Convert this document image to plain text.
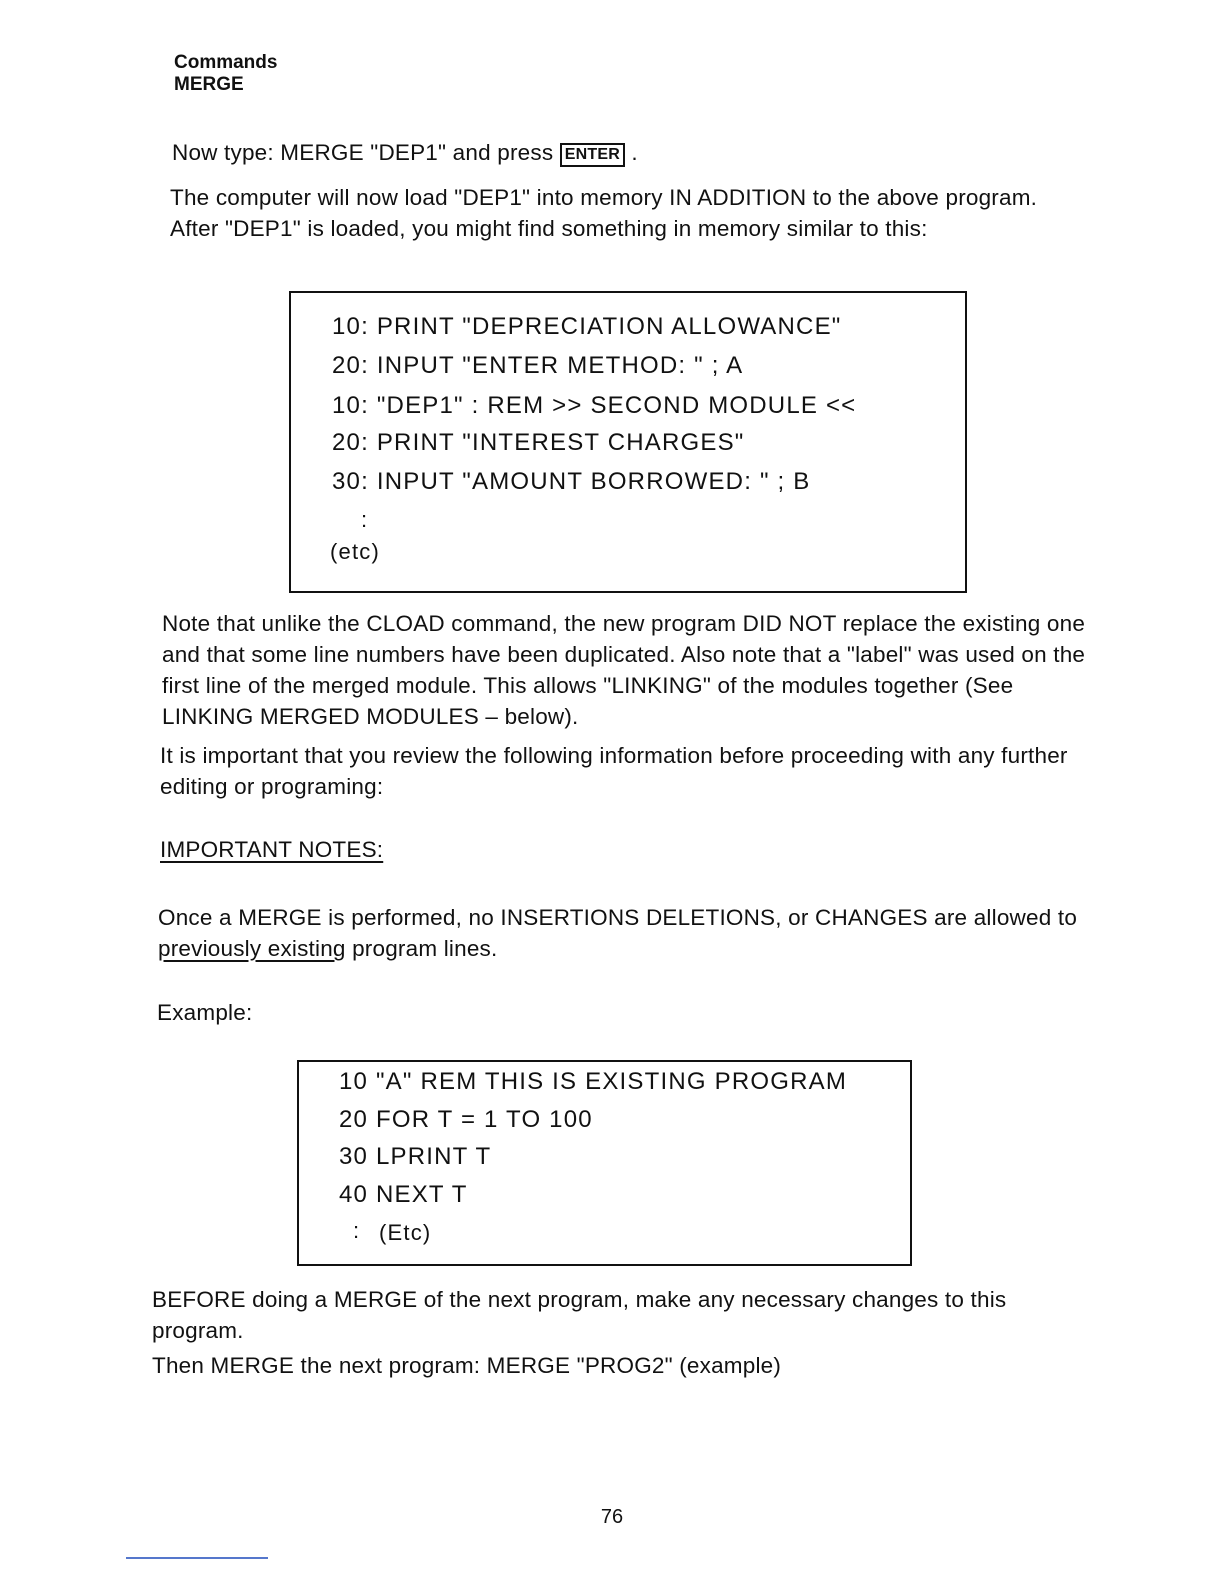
Commands
MERGE
Now type: MERGE "DEP1" and press ENTER .

The computer will now load "DEP1" into memory IN ADDITION to the above program. After "DEP1" is loaded, you might find something in memory similar to this:

10: PRINT "DEPRECIATION ALLOWANCE"
20: INPUT "ENTER METHOD: " ; A
10: "DEP1" : REM >> SECOND MODULE <<
20: PRINT "INTEREST CHARGES"
30: INPUT "AMOUNT BORROWED: " ; B
:
(etc)

Note that unlike the CLOAD command, the new program DID NOT replace the existing one and that some line numbers have been duplicated. Also note that a "label" was used on the first line of the merged module. This allows "LINKING" of the modules together (See LINKING MERGED MODULES – below).

It is important that you review the following information before proceeding with any further editing or programing:

IMPORTANT NOTES:
Once a MERGE is performed, no INSERTIONS DELETIONS, or CHANGES are allowed to previously existing program lines.
Example:
10 "A" REM THIS IS EXISTING PROGRAM
20 FOR T = 1 TO 100
30 LPRINT T
40 NEXT T
: (Etc)

BEFORE doing a MERGE of the next program, make any necessary changes to this program.

Then MERGE the next program: MERGE "PROG2" (example)

76
